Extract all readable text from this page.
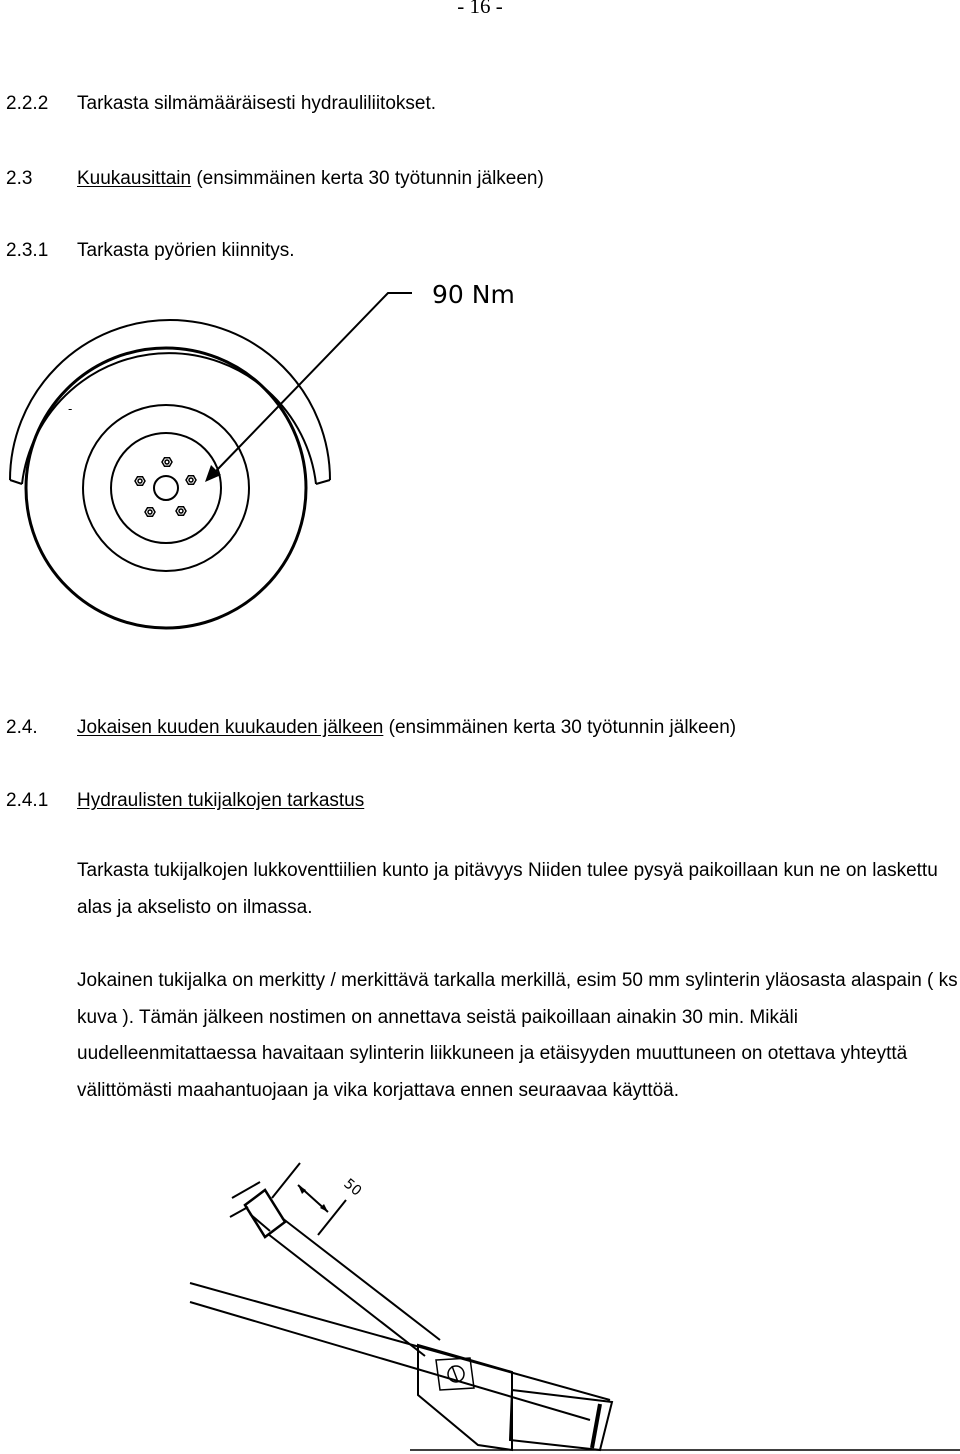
- 16 -
2.2.2 Tarkasta silmämääräisesti hydrauliliitokset.
2.3 Kuukausittain (ensimmäinen kerta 30 työtunnin jälkeen)
2.3.1 Tarkasta pyörien kiinnitys.
90 Nm
-
2.4. Jokaisen kuuden kuukauden jälkeen (ensimmäinen kerta 30 työtunnin jälkeen)
2.4.1 Hydraulisten tukijalkojen tarkastus

Tarkasta tukijalkojen lukkoventtiilien kunto ja pitävyys Niiden tulee pysyä paikoillaan kun ne on laskettu alas ja akselisto on ilmassa.

Jokainen tukijalka on merkitty / merkittävä tarkalla merkillä, esim 50 mm sylinterin yläosasta alaspain ( ks kuva ). Tämän jälkeen nostimen on annettava seistä paikoillaan ainakin 30 min. Mikäli uudelleenmitattaessa havaitaan sylinterin liikkuneen ja etäisyyden muuttuneen on otettava yhteyttä välittömästi maahantuojaan ja vika korjattava ennen seuraavaa käyttöä.

50
